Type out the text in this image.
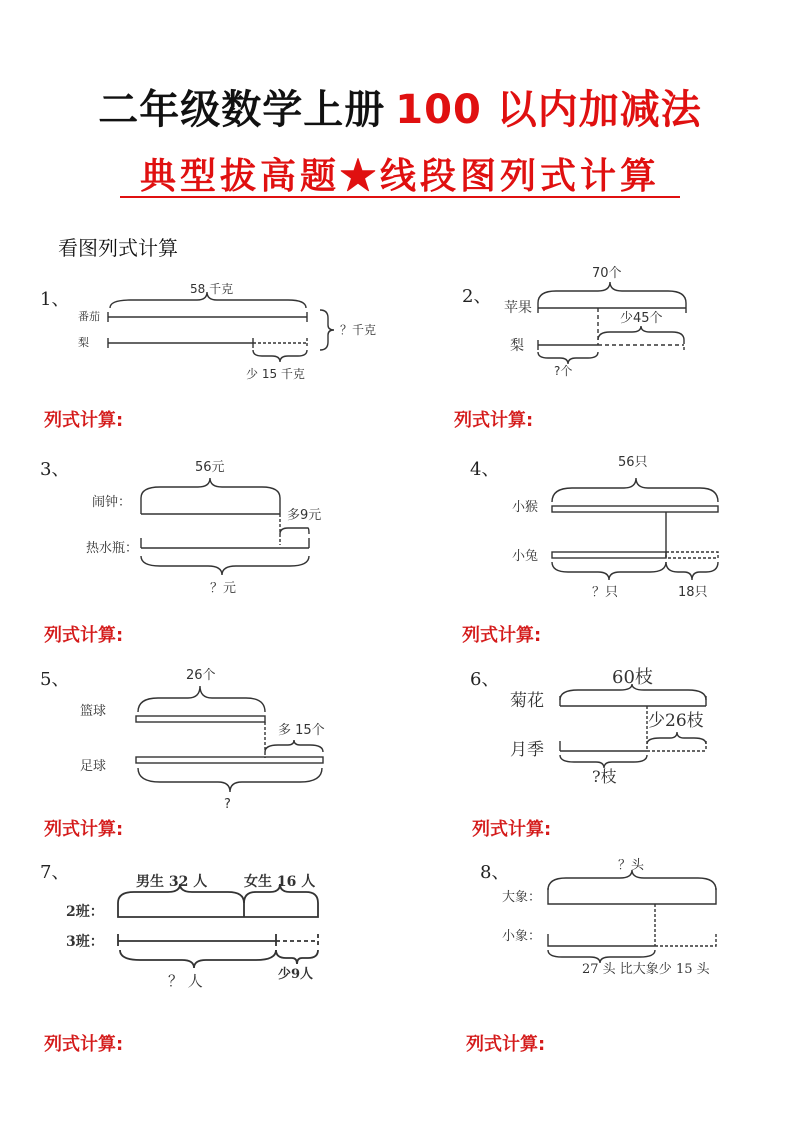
二年级数学上册 100 以内加减法
典型拔高题★线段图列式计算
看图列式计算
1、	2、
3、	4、
5、	6、
7、	8、
列式计算:	列式计算:
列式计算:	列式计算:
列式计算:	列式计算:
列式计算:	列式计算:
58 千克
番茄
梨
？千克
少 15 千克
70个
苹果
少45个
梨
?个
56元
闹钟：
多9元
热水瓶：
？元
56只
小猴
小兔
？只	18只
26个
篮球
多 15个
足球
?
60枝
菊花
少26枝
月季
?枝
男生 32 人	女生 16 人
2班：
3班：
？ 人	少9人
？头
大象：
小象：
27 头 比大象少 15 头
